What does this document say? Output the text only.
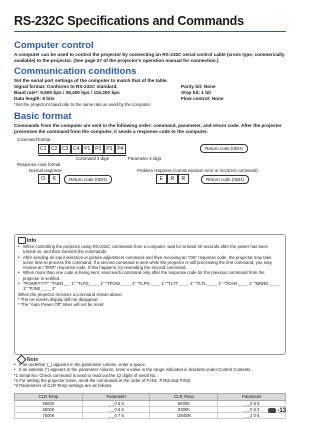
RS-232C Specifications and Commands
Computer control
A computer can be used to control the projector by connecting an RS-232C serial control cable (cross type, commercially available) to the projector. (See page 27 of the projector's operation manual for connection.)
Communication conditions
Set the serial port settings of the computer to match that of the table.
Signal format: Conforms to RS-232C standard.	Parity bit: None
Baud rate*: 9,600 bps / 38,400 bps / 115,200 bps	Stop bit: 1 bit
Data length: 8 bits	Flow control: None
*Set the projector's baud rate to the same rate as used by the computer.
Basic format
Commands from the computer are sent in the following order: command, parameter, and return code. After the projector processes the command from the computer, it sends a response code to the computer.
Command format
C1 C2 C3 C4 P1 P2 P3 P4	Return code (0DH)
Command 4-digit	Parameter 4-digit
Response code format
Normal response	Problem response (communication error or incorrect command)
O	K	Return code (0DH)	E	R	R	Return code (0DH)
Info
• When controlling the projector using RS-232C commands from a computer, wait for at least 40 seconds after the power has been turned on, and then transmit the commands.
• After sending an input selection or picture adjustment command and then receiving an "OK" response code, the projector may take some time to process the command. If a second command is sent while the projector is still processing the first command, you may receive an "ERR" response code. If this happens, try resending the second command.
• When more than one code is being sent, send each command only after the response code for the previous command from the projector is verified.
• "POWR????" "TABN _ _ 1" "TLPS _ _ _ 1" "TPOW _ _ _ 1" "TLPN _ _ _ 1" "TLTT _ _ _ 1" "TLTL _ _ _ 1" "TNAM _ _ _ 1" "MNRD _ _ _ 1" "PJN0 _ _ _ 1"
When the projector receives a command shown above:
* The on-screen display will not disappear.
* The "Auto Power Off" timer will not be reset.
Note
• If an underbar (_) appears in the parameter column, enter a space.
• If an asterisk (*) appears in the parameter column, enter a value in the range indicated in brackets under Control Contents.
*1 Serial No. Check command is used to read out the 12 digits of serial No..
*2 For setting the projector name, send the commands in the order of PJN1, PJN2 and PJN3.
*3 Parameters of CLR Temp settings are as follows.
CLR Temp	Parameter	CLR Temp	Parameter
5500K	_ _0 5 5	8500K	_ _0 8 5
6500K	_ _0 6 5	9300K	_ _0 9 3
7500K	_ _0 7 5	10500K	_ _1 0 5
-13
